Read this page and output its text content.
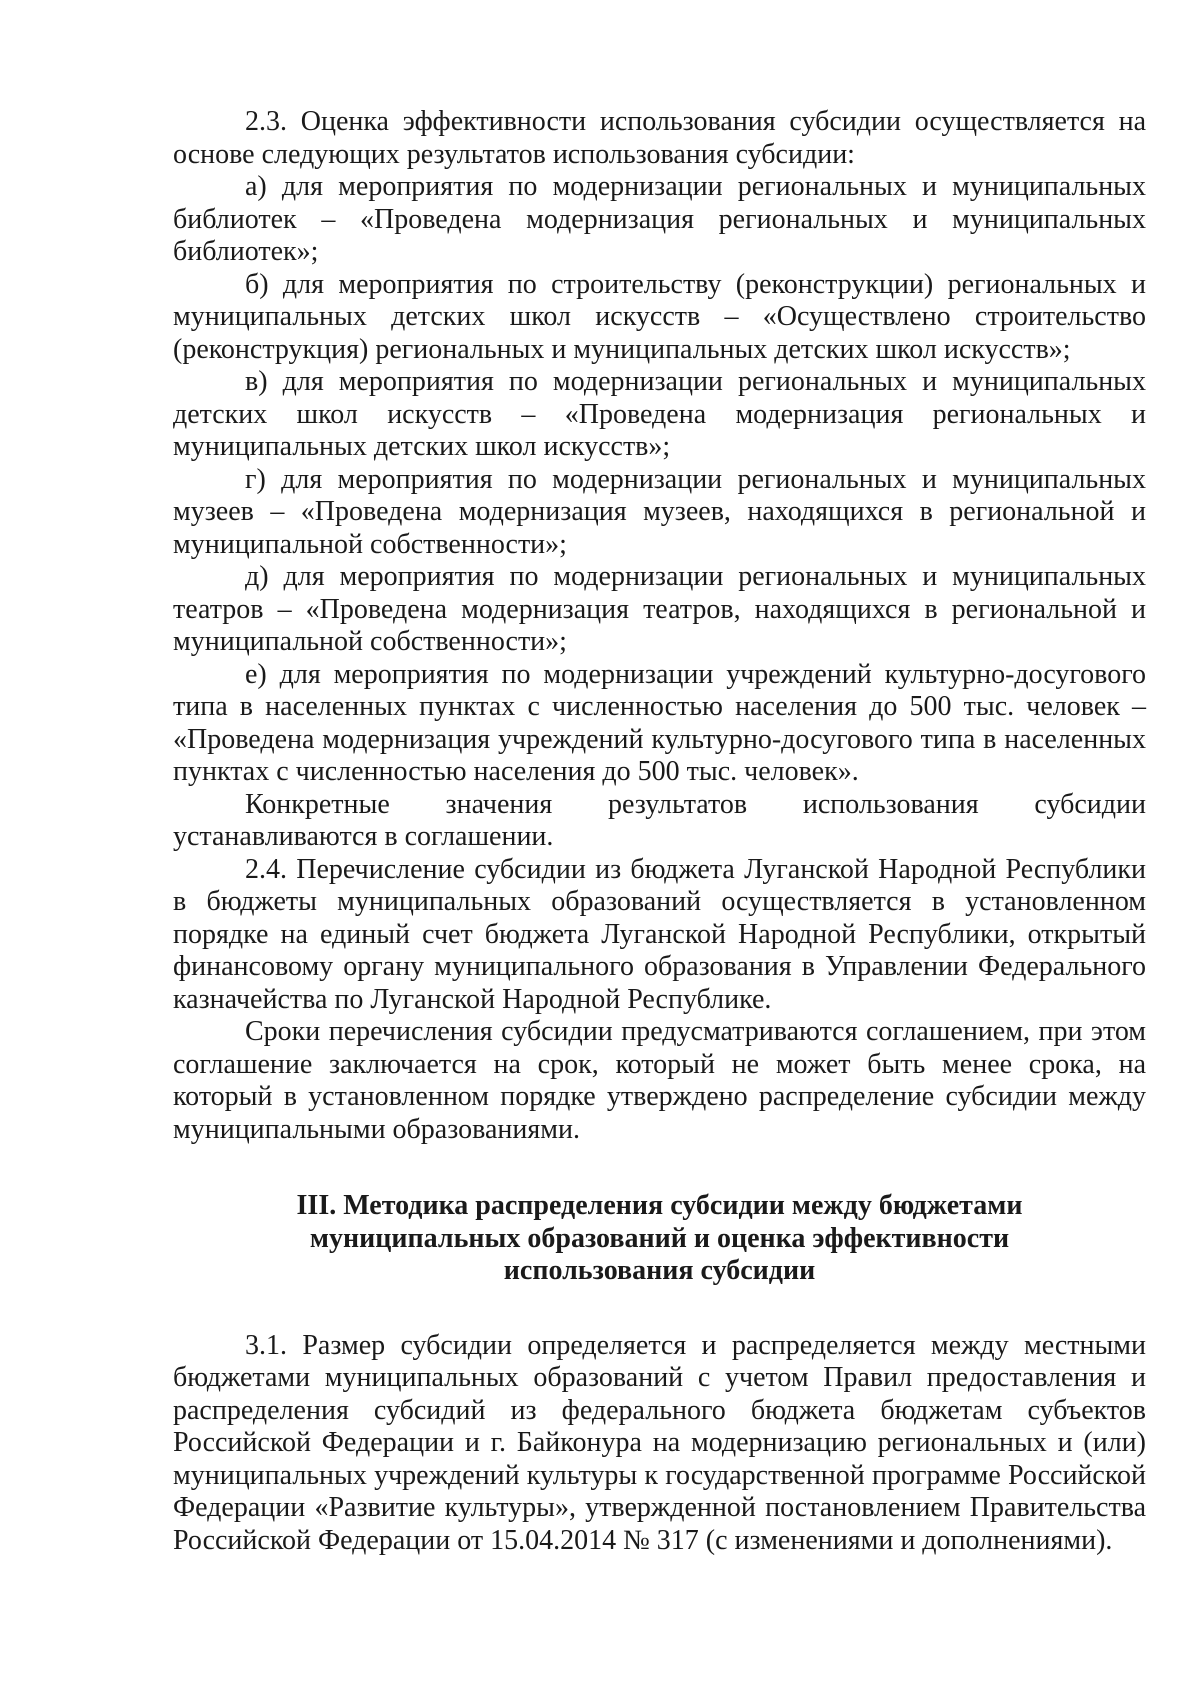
2.3. Оценка эффективности использования субсидии осуществляется на основе следующих результатов использования субсидии:

а) для мероприятия по модернизации региональных и муниципальных библиотек – «Проведена модернизация региональных и муниципальных библиотек»;

б) для мероприятия по строительству (реконструкции) региональных и муниципальных детских школ искусств – «Осуществлено строительство (реконструкция) региональных и муниципальных детских школ искусств»;

в) для мероприятия по модернизации региональных и муниципальных детских школ искусств – «Проведена модернизация региональных и муниципальных детских школ искусств»;

г) для мероприятия по модернизации региональных и муниципальных музеев – «Проведена модернизация музеев, находящихся в региональной и муниципальной собственности»;

д) для мероприятия по модернизации региональных и муниципальных театров – «Проведена модернизация театров, находящихся в региональной и муниципальной собственности»;

е) для мероприятия по модернизации учреждений культурно-досугового типа в населенных пунктах с численностью населения до 500 тыс. человек – «Проведена модернизация учреждений культурно-досугового типа в населенных пунктах с численностью населения до 500 тыс. человек».

Конкретные значения результатов использования субсидии устанавливаются в соглашении.

2.4. Перечисление субсидии из бюджета Луганской Народной Республики в бюджеты муниципальных образований осуществляется в установленном порядке на единый счет бюджета Луганской Народной Республики, открытый финансовому органу муниципального образования в Управлении Федерального казначейства по Луганской Народной Республике.

Сроки перечисления субсидии предусматриваются соглашением, при этом соглашение заключается на срок, который не может быть менее срока, на который в установленном порядке утверждено распределение субсидии между муниципальными образованиями.

III. Методика распределения субсидии между бюджетами
муниципальных образований и оценка эффективности
использования субсидии

3.1. Размер субсидии определяется и распределяется между местными бюджетами муниципальных образований с учетом Правил предоставления и распределения субсидий из федерального бюджета бюджетам субъектов Российской Федерации и г. Байконура на модернизацию региональных и (или) муниципальных учреждений культуры к государственной программе Российской Федерации «Развитие культуры», утвержденной постановлением Правительства Российской Федерации от 15.04.2014 № 317 (с изменениями и дополнениями).
